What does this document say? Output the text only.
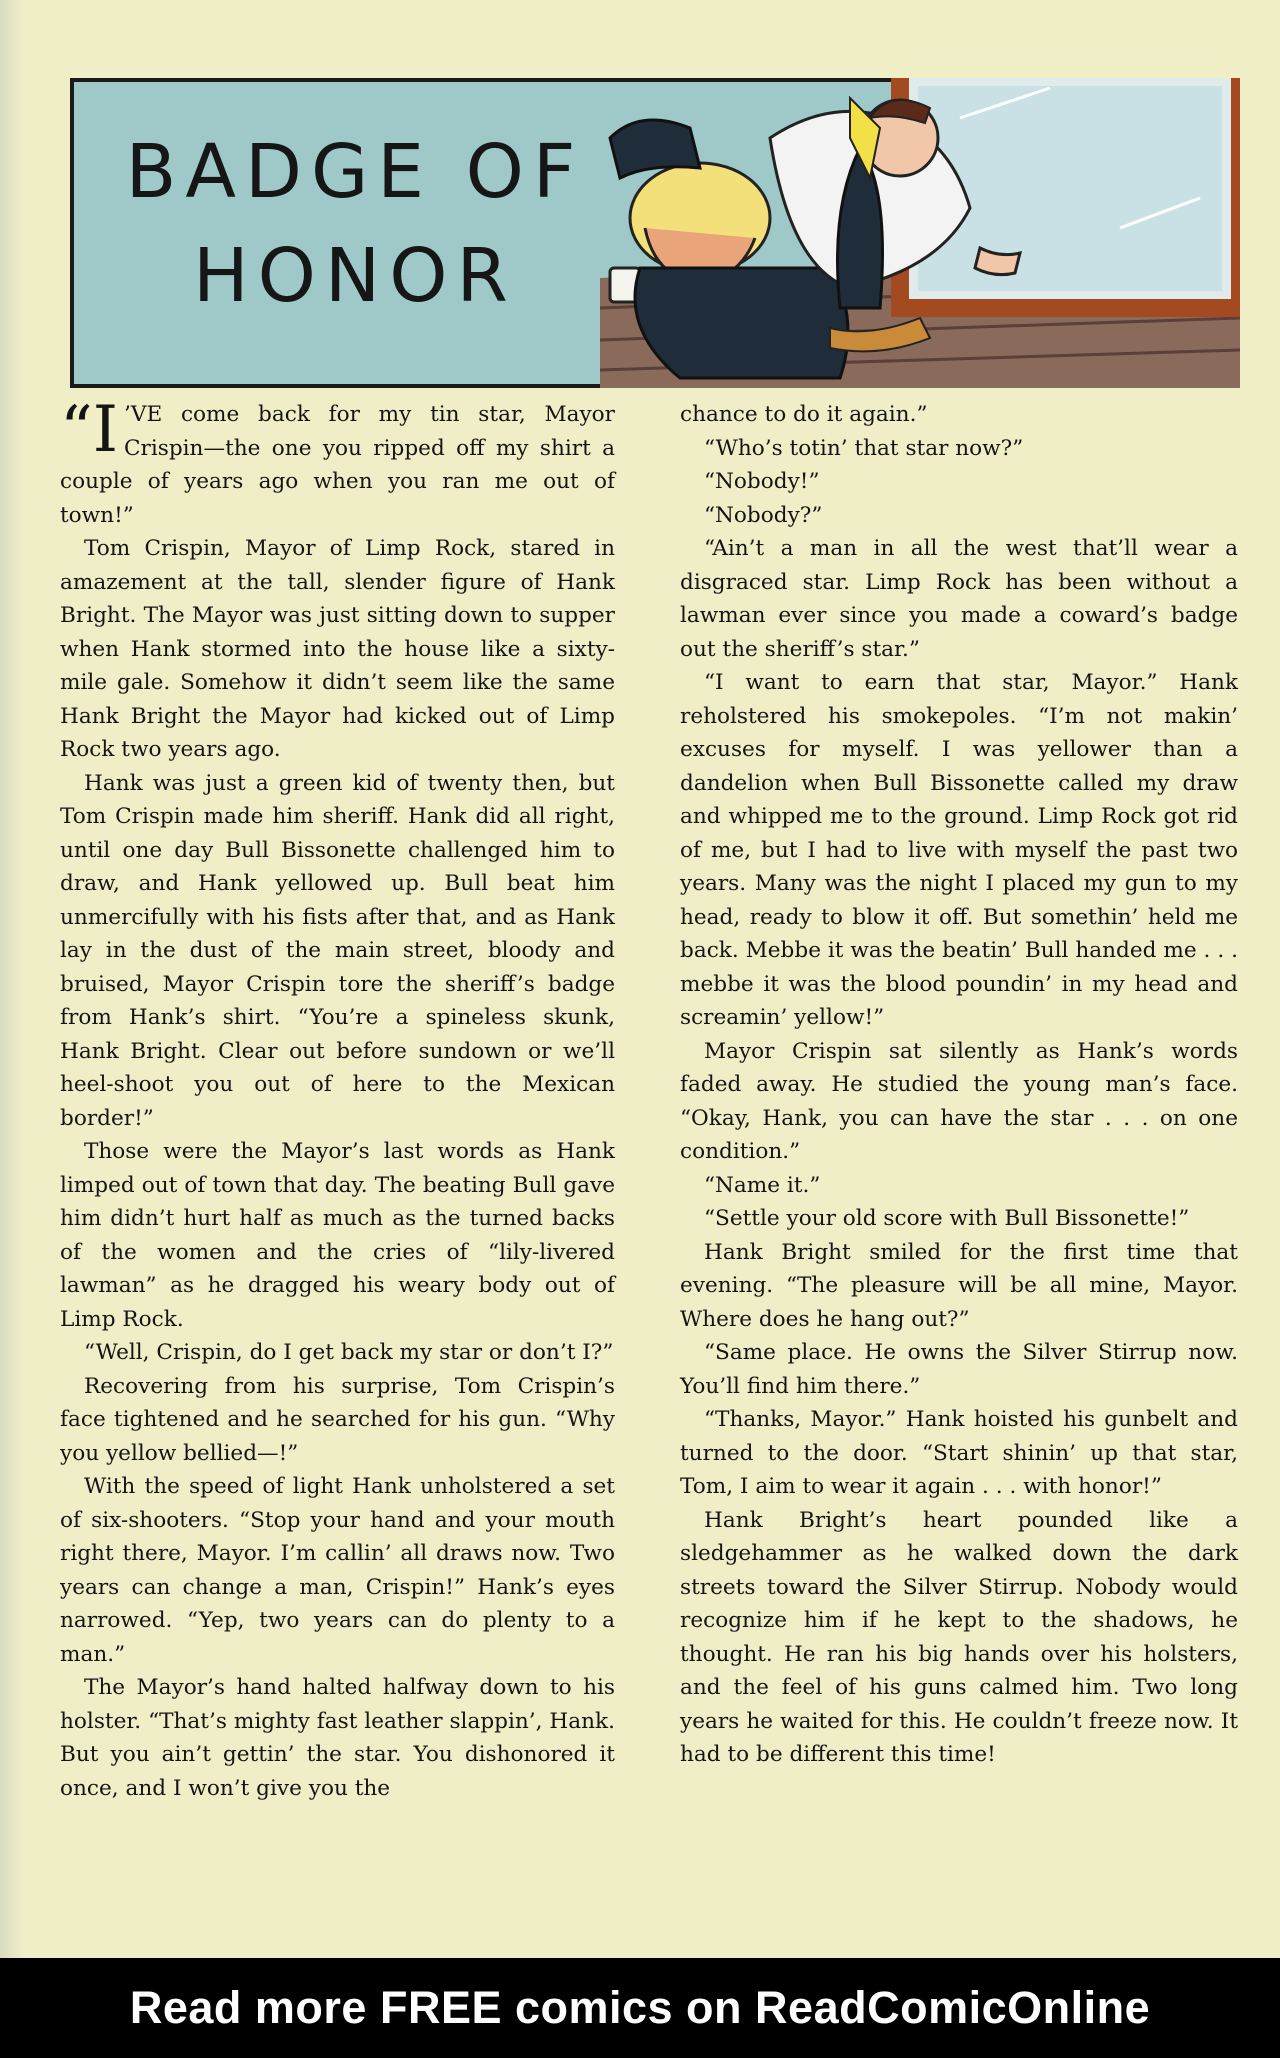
BADGE OF
HONOR

“I ’VE come back for my tin star, Mayor Crispin—the one you ripped off my shirt a couple of years ago when you ran me out of town!”

Tom Crispin, Mayor of Limp Rock, stared in amazement at the tall, slender figure of Hank Bright. The Mayor was just sitting down to supper when Hank stormed into the house like a sixty-mile gale. Somehow it didn’t seem like the same Hank Bright the Mayor had kicked out of Limp Rock two years ago.

Hank was just a green kid of twenty then, but Tom Crispin made him sheriff. Hank did all right, until one day Bull Bissonette challenged him to draw, and Hank yellowed up. Bull beat him unmercifully with his fists after that, and as Hank lay in the dust of the main street, bloody and bruised, Mayor Crispin tore the sheriff’s badge from Hank’s shirt. “You’re a spineless skunk, Hank Bright. Clear out before sundown or we’ll heel-shoot you out of here to the Mexican border!”

Those were the Mayor’s last words as Hank limped out of town that day. The beating Bull gave him didn’t hurt half as much as the turned backs of the women and the cries of “lily-livered lawman” as he dragged his weary body out of Limp Rock.

“Well, Crispin, do I get back my star or don’t I?”

Recovering from his surprise, Tom Crispin’s face tightened and he searched for his gun. “Why you yellow bellied—!”

With the speed of light Hank unholstered a set of six-shooters. “Stop your hand and your mouth right there, Mayor. I’m callin’ all draws now. Two years can change a man, Crispin!” Hank’s eyes narrowed. “Yep, two years can do plenty to a man.”

The Mayor’s hand halted halfway down to his holster. “That’s mighty fast leather slappin’, Hank. But you ain’t gettin’ the star. You dishonored it once, and I won’t give you the

chance to do it again.”

“Who’s totin’ that star now?”

“Nobody!”

“Nobody?”

“Ain’t a man in all the west that’ll wear a disgraced star. Limp Rock has been without a lawman ever since you made a coward’s badge out the sheriff’s star.”

“I want to earn that star, Mayor.” Hank reholstered his smokepoles. “I’m not makin’ excuses for myself. I was yellower than a dandelion when Bull Bissonette called my draw and whipped me to the ground. Limp Rock got rid of me, but I had to live with myself the past two years. Many was the night I placed my gun to my head, ready to blow it off. But somethin’ held me back. Mebbe it was the beatin’ Bull handed me . . . mebbe it was the blood poundin’ in my head and screamin’ yellow!”

Mayor Crispin sat silently as Hank’s words faded away. He studied the young man’s face. “Okay, Hank, you can have the star . . . on one condition.”

“Name it.”

“Settle your old score with Bull Bissonette!”

Hank Bright smiled for the first time that evening. “The pleasure will be all mine, Mayor. Where does he hang out?”

“Same place. He owns the Silver Stirrup now. You’ll find him there.”

“Thanks, Mayor.” Hank hoisted his gunbelt and turned to the door. “Start shinin’ up that star, Tom, I aim to wear it again . . . with honor!”

Hank Bright’s heart pounded like a sledgehammer as he walked down the dark streets toward the Silver Stirrup. Nobody would recognize him if he kept to the shadows, he thought. He ran his big hands over his holsters, and the feel of his guns calmed him. Two long years he waited for this. He couldn’t freeze now. It had to be different this time!

Read more FREE comics on ReadComicOnline
